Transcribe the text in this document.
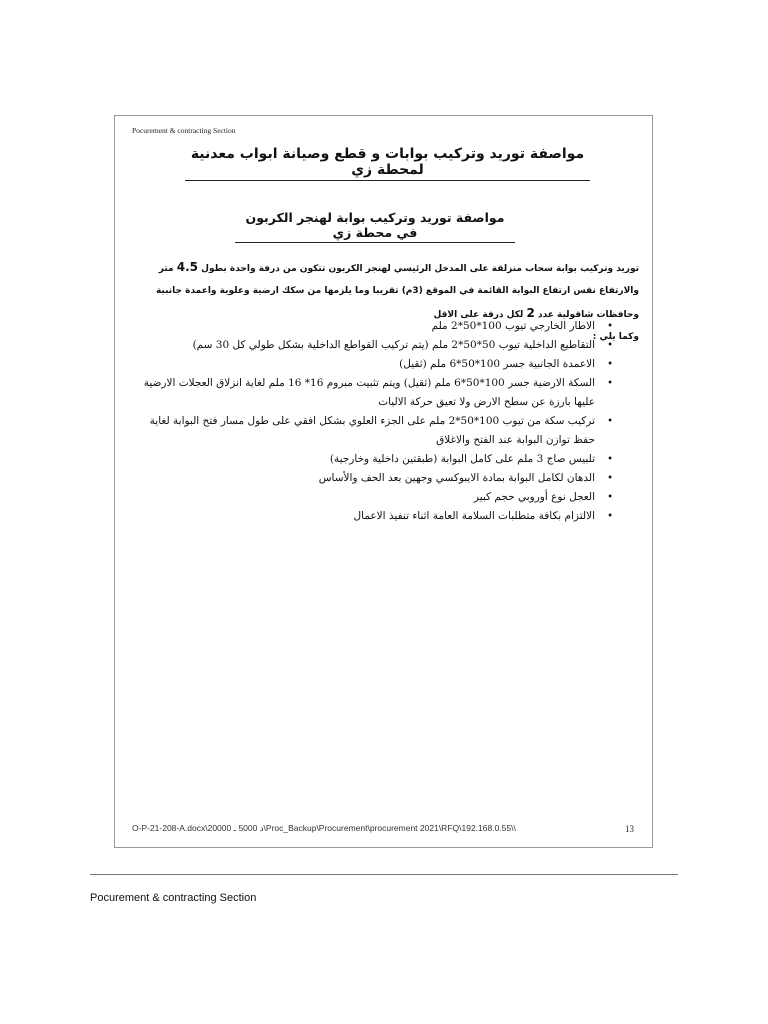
Pocurement & contracting Section
مواصفة توريد وتركيب بوابات و قطع وصيانة ابواب معدنية لمحطة زي
مواصفة توريد وتركيب بوابة لهنجر الكربون في محطة زي
توريد وتركيب بوابة سحاب منزلقة على المدخل الرئيسي لهنجر الكربون تتكون من درفة واحدة بطول 4.5 متر والارتفاع نفس ارتفاع البوابة القائمة في الموقع (3م) تقريبا وما يلزمها من سكك ارضية وعلوية واعمدة جانبية وحافظات شاقولية عدد 2 لكل درفة على الاقل
وكما يلي :
•
الاطار الخارجي تيوب 100*50*2 ملم
•
التقاطيع الداخلية تيوب 50*50*2 ملم (يتم تركيب القواطع الداخلية بشكل طولي كل 30 سم)
•
الاعمدة الجانبية جسر 100*50*6 ملم (ثقيل)
•
السكة الارضية جسر 100*50*6 ملم (ثقيل) ويتم تثبيت مبروم 16* 16 ملم لغاية انزلاق العجلات الارضية عليها بارزة عن سطح الارض ولا تعيق حركة الاليات
•
تركيب سكة من تيوب 100*50*2 ملم على الجزء العلوي بشكل افقي على طول مسار فتح البوابة لغاية حفظ توازن البوابة عند الفتح والاغلاق
•
تلبيس صاج 3 ملم على كامل البوابة (طبقتين داخلية وخارجية)
•
الدهان لكامل البوابة بمادة الايبوكسي وجهين بعد الحف والأساس
•
العجل نوع أوروبي حجم كبير
•
الالتزام بكافة متطلبات السلامة العامة اثناء تنفيذ الاعمال
O-P-21-208-A.docx\20000 د 5000 ـ\Proc_Backup\Procurement\procurement 2021\RFQ\192.168.0.55\\	13
Pocurement & contracting Section
